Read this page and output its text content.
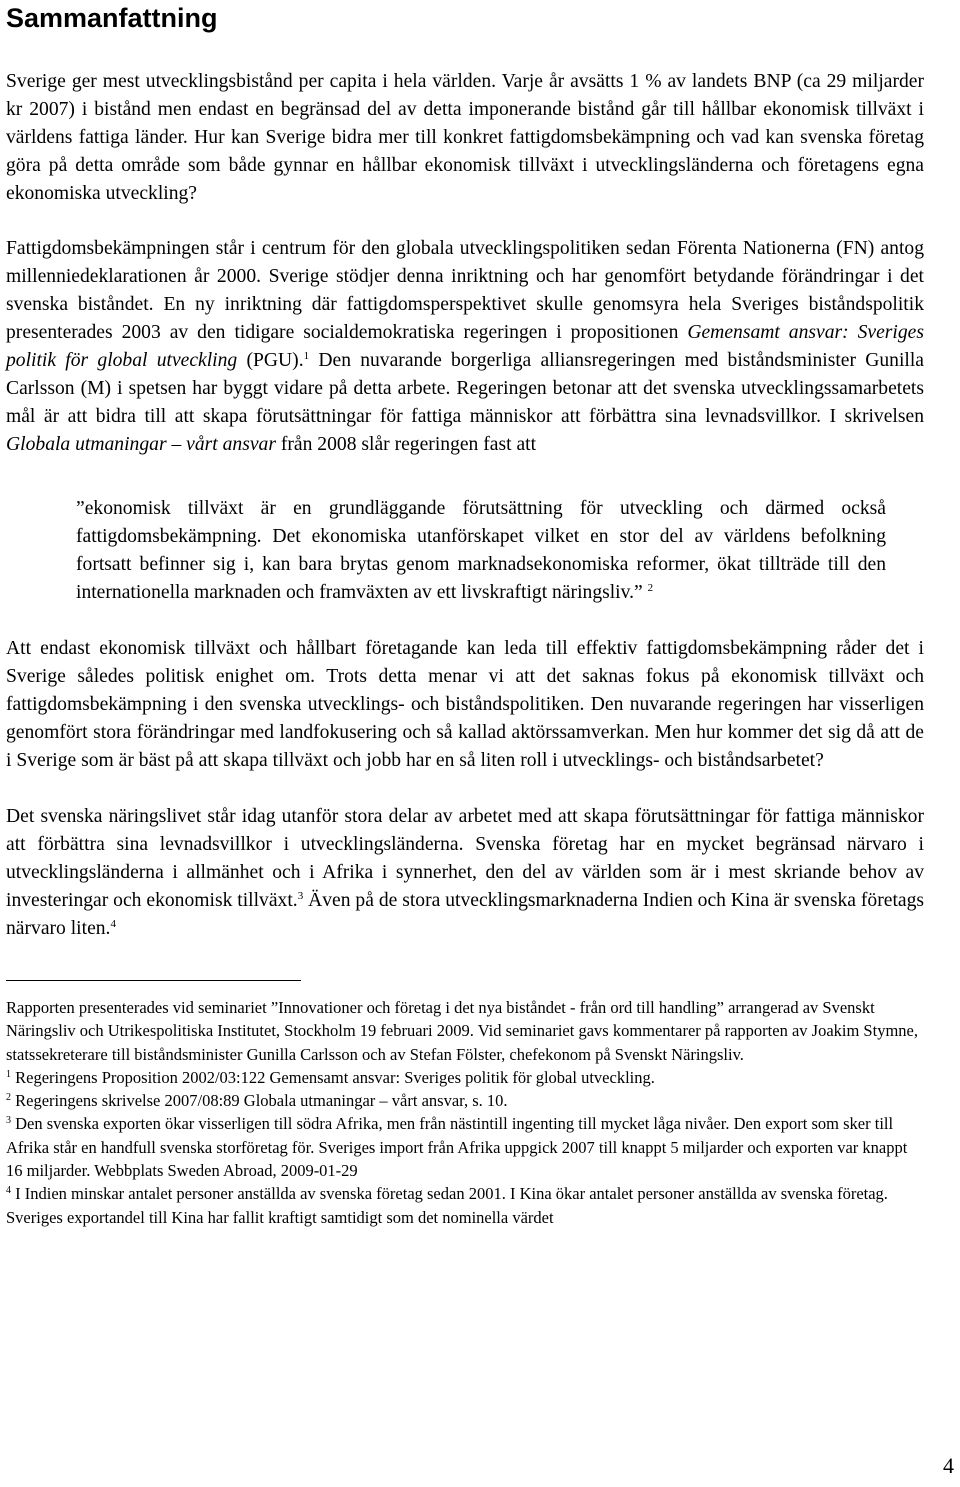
Sammanfattning

Sverige ger mest utvecklingsbistånd per capita i hela världen. Varje år avsätts 1 % av landets BNP (ca 29 miljarder kr 2007) i bistånd men endast en begränsad del av detta imponerande bistånd går till hållbar ekonomisk tillväxt i världens fattiga länder. Hur kan Sverige bidra mer till konkret fattigdomsbekämpning och vad kan svenska företag göra på detta område som både gynnar en hållbar ekonomisk tillväxt i utvecklingsländerna och företagens egna ekonomiska utveckling?

Fattigdomsbekämpningen står i centrum för den globala utvecklingspolitiken sedan Förenta Nationerna (FN) antog millenniedeklarationen år 2000. Sverige stödjer denna inriktning och har genomfört betydande förändringar i det svenska biståndet. En ny inriktning där fattigdomsperspektivet skulle genomsyra hela Sveriges biståndspolitik presenterades 2003 av den tidigare socialdemokratiska regeringen i propositionen Gemensamt ansvar: Sveriges politik för global utveckling (PGU).$^1$ Den nuvarande borgerliga alliansregeringen med biståndsminister Gunilla Carlsson (M) i spetsen har byggt vidare på detta arbete. Regeringen betonar att det svenska utvecklingssamarbetets mål är att bidra till att skapa förutsättningar för fattiga människor att förbättra sina levnadsvillkor. I skrivelsen Globala utmaningar – vårt ansvar från 2008 slår regeringen fast att

”ekonomisk tillväxt är en grundläggande förutsättning för utveckling och därmed också fattigdomsbekämpning. Det ekonomiska utanförskapet vilket en stor del av världens befolkning fortsatt befinner sig i, kan bara brytas genom marknadsekonomiska reformer, ökat tillträde till den internationella marknaden och framväxten av ett livskraftigt näringsliv.” $^2$

Att endast ekonomisk tillväxt och hållbart företagande kan leda till effektiv fattigdomsbekämpning råder det i Sverige således politisk enighet om. Trots detta menar vi att det saknas fokus på ekonomisk tillväxt och fattigdomsbekämpning i den svenska utvecklings- och biståndspolitiken. Den nuvarande regeringen har visserligen genomfört stora förändringar med landfokusering och så kallad aktörssamverkan. Men hur kommer det sig då att de i Sverige som är bäst på att skapa tillväxt och jobb har en så liten roll i utvecklings- och biståndsarbetet?

Det svenska näringslivet står idag utanför stora delar av arbetet med att skapa förutsättningar för fattiga människor att förbättra sina levnadsvillkor i utvecklingsländerna. Svenska företag har en mycket begränsad närvaro i utvecklingsländerna i allmänhet och i Afrika i synnerhet, den del av världen som är i mest skriande behov av investeringar och ekonomisk tillväxt.$^3$ Även på de stora utvecklingsmarknaderna Indien och Kina är svenska företags närvaro liten.$^4$

Rapporten presenterades vid seminariet ”Innovationer och företag i det nya biståndet - från ord till handling” arrangerad av Svenskt Näringsliv och Utrikespolitiska Institutet, Stockholm 19 februari 2009. Vid seminariet gavs kommentarer på rapporten av Joakim Stymne, statssekreterare till biståndsminister Gunilla Carlsson och av Stefan Fölster, chefekonom på Svenskt Näringsliv.
$^1$ Regeringens Proposition 2002/03:122 Gemensamt ansvar: Sveriges politik för global utveckling.
$^2$ Regeringens skrivelse 2007/08:89 Globala utmaningar – vårt ansvar, s. 10.
$^3$ Den svenska exporten ökar visserligen till södra Afrika, men från nästintill ingenting till mycket låga nivåer. Den export som sker till Afrika står en handfull svenska storföretag för. Sveriges import från Afrika uppgick 2007 till knappt 5 miljarder och exporten var knappt 16 miljarder. Webbplats Sweden Abroad, 2009-01-29
$^4$ I Indien minskar antalet personer anställda av svenska företag sedan 2001. I Kina ökar antalet personer anställda av svenska företag. Sveriges exportandel till Kina har fallit kraftigt samtidigt som det nominella värdet
4
